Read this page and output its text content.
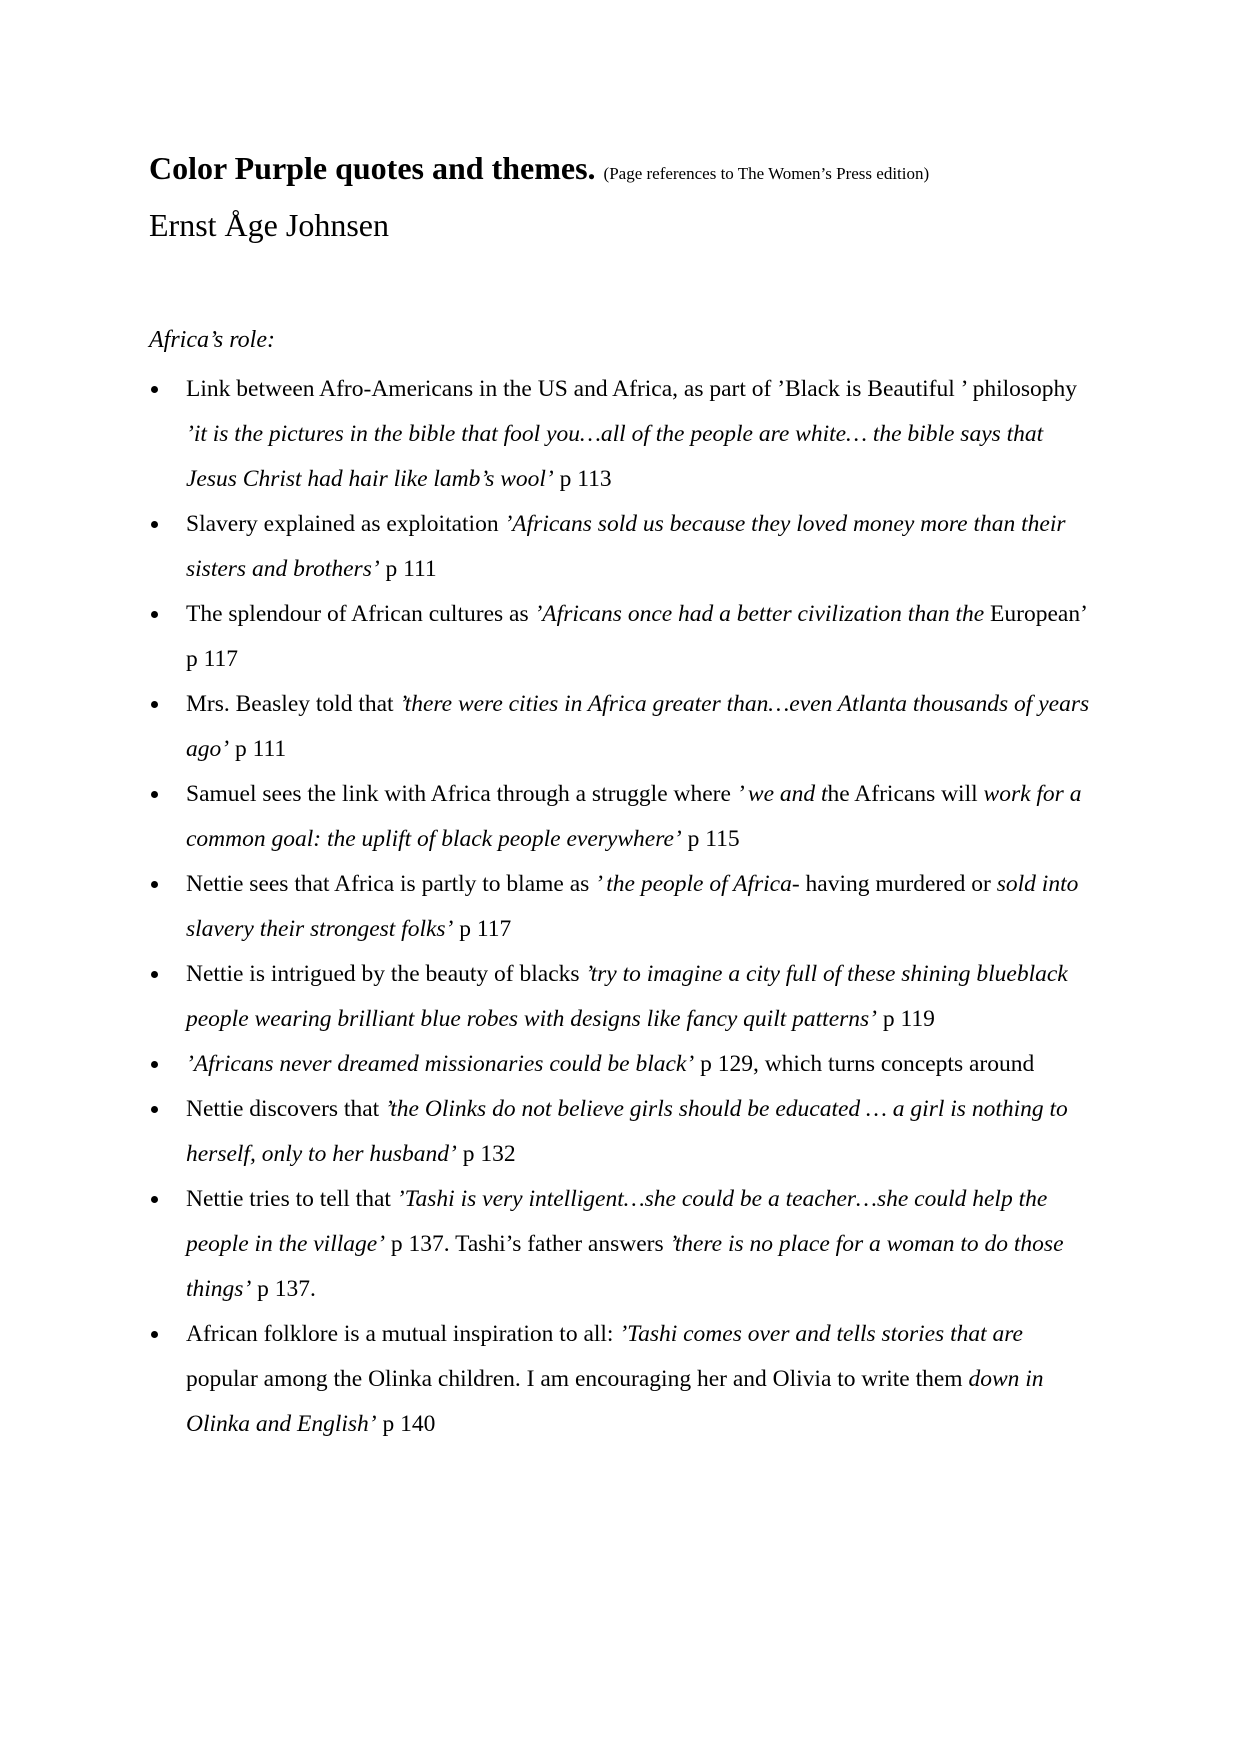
Color Purple quotes and themes. (Page references to The Women’s Press edition)
Ernst Åge Johnsen
Africa’s role:
Link between Afro-Americans in the US and Africa, as part of ’Black is Beautiful ’ philosophy ’it is the pictures in the bible that fool you…all of the people are white… the bible says that Jesus Christ had hair like lamb’s wool’ p 113
Slavery explained as exploitation ’Africans sold us because they loved money more than their sisters and brothers’ p 111
The splendour of African cultures as ’Africans once had a better civilization than the European’ p 117
Mrs. Beasley told that ’there were cities in Africa greater than…even Atlanta thousands of years ago’ p 111
Samuel sees the link with Africa through a struggle where ’ we and the Africans will work for a common goal: the uplift of black people everywhere’ p 115
Nettie sees that Africa is partly to blame as ’ the people of Africa- having murdered or sold into slavery their strongest folks’ p 117
Nettie is intrigued by the beauty of blacks ’try to imagine a city full of these shining blueblack people wearing brilliant blue robes with designs like fancy quilt patterns’ p 119
’Africans never dreamed missionaries could be black’ p 129, which turns concepts around
Nettie discovers that ’the Olinks do not believe girls should be educated … a girl is nothing to herself, only to her husband’ p 132
Nettie tries to tell that ’Tashi is very intelligent…she could be a teacher…she could help the people in the village’ p 137. Tashi’s father answers ’there is no place for a woman to do those things’ p 137.
African folklore is a mutual inspiration to all: ’Tashi comes over and tells stories that are popular among the Olinka children. I am encouraging her and Olivia to write them down in Olinka and English’ p 140
